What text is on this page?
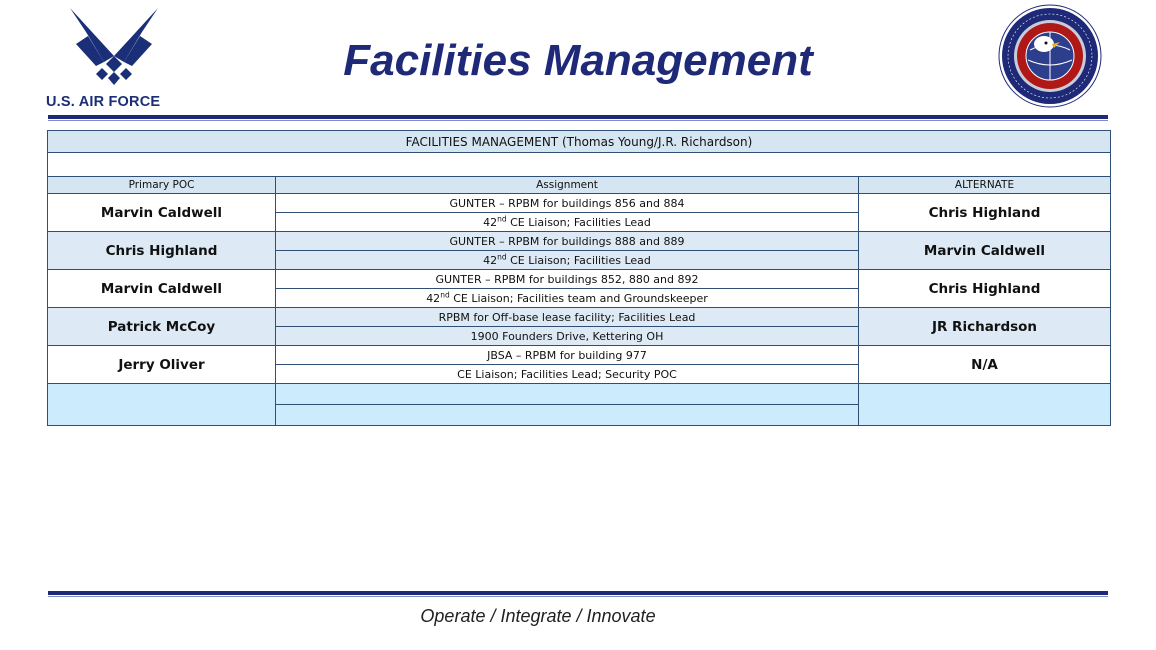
U.S. AIR FORCE
Facilities Management
FACILITIES MANAGEMENT (Thomas Young/J.R. Richardson)		

Primary POC	Assignment	ALTERNATE
Marvin Caldwell	GUNTER – RPBM for buildings 856 and 884	Chris Highland
	42nd CE Liaison; Facilities Lead	
Chris Highland	GUNTER – RPBM for buildings 888 and 889	Marvin Caldwell
	42nd CE Liaison; Facilities Lead	
Marvin Caldwell	GUNTER – RPBM for buildings 852, 880 and 892	Chris Highland
	42nd CE Liaison; Facilities team and Groundskeeper	
Patrick McCoy	RPBM for Off-base lease facility; Facilities Lead	JR Richardson
	1900 Founders Drive, Kettering OH	
Jerry Oliver	JBSA – RPBM for building 977	N/A
	CE Liaison; Facilities Lead; Security POC	

Operate / Integrate / Innovate
